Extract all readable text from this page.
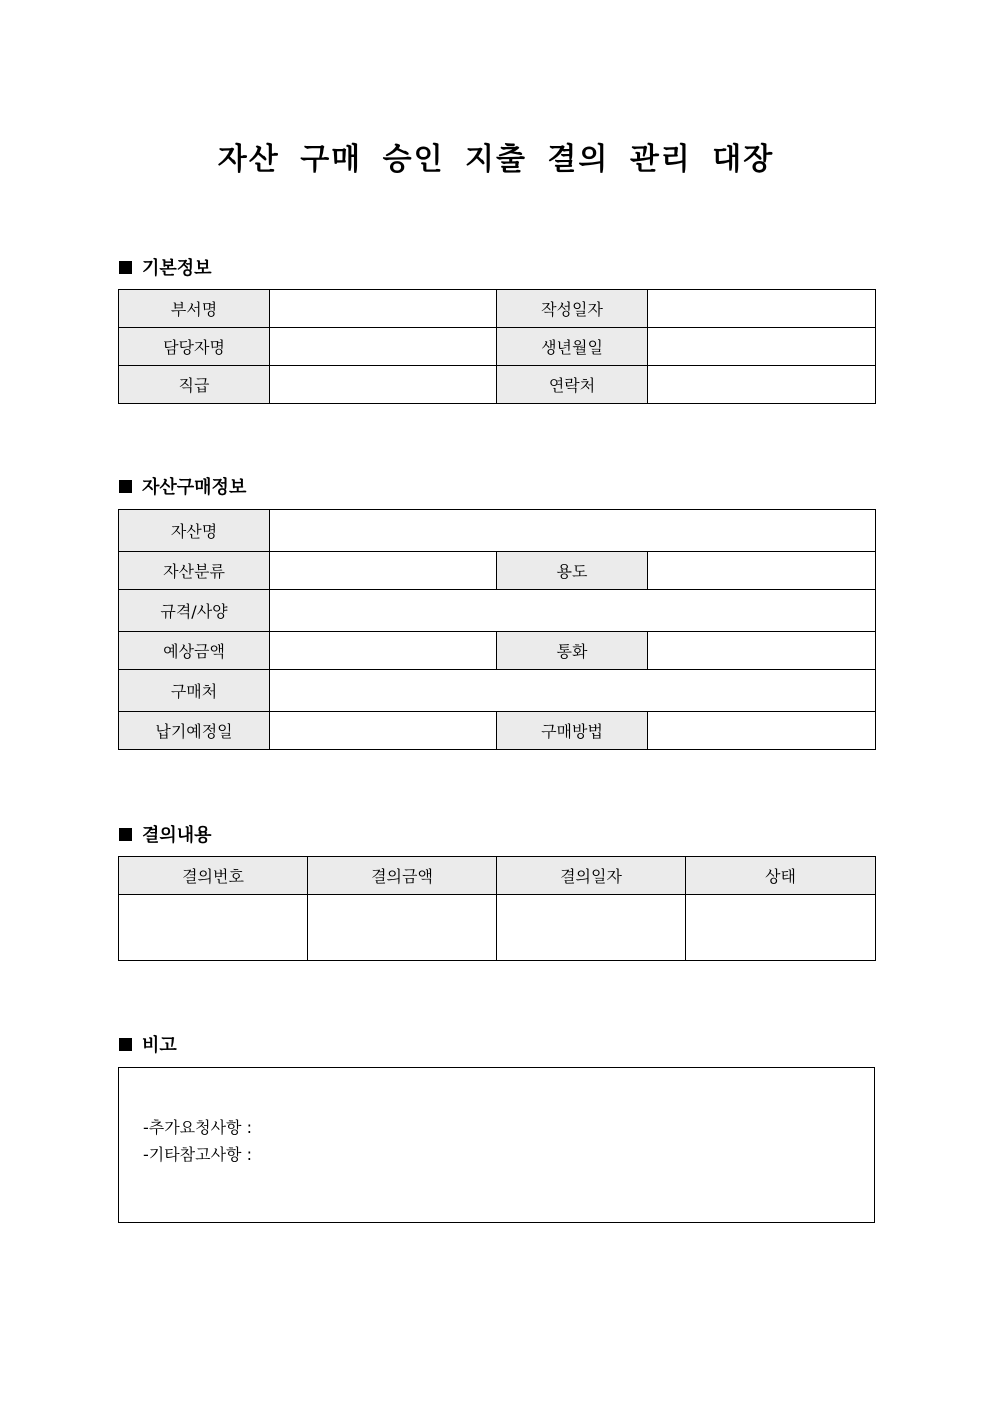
자산 구매 승인 지출 결의 관리 대장
기본정보
부서명		작성일자	
담당자명		생년월일	
직급		연락처	
자산구매정보
자산명			
자산분류		용도	
규격/사양			
예상금액		통화	
구매처			
납기예정일		구매방법	
결의내용
결의번호	결의금액	결의일자	상태

비고
-추가요청사항 :
-기타참고사항 :
